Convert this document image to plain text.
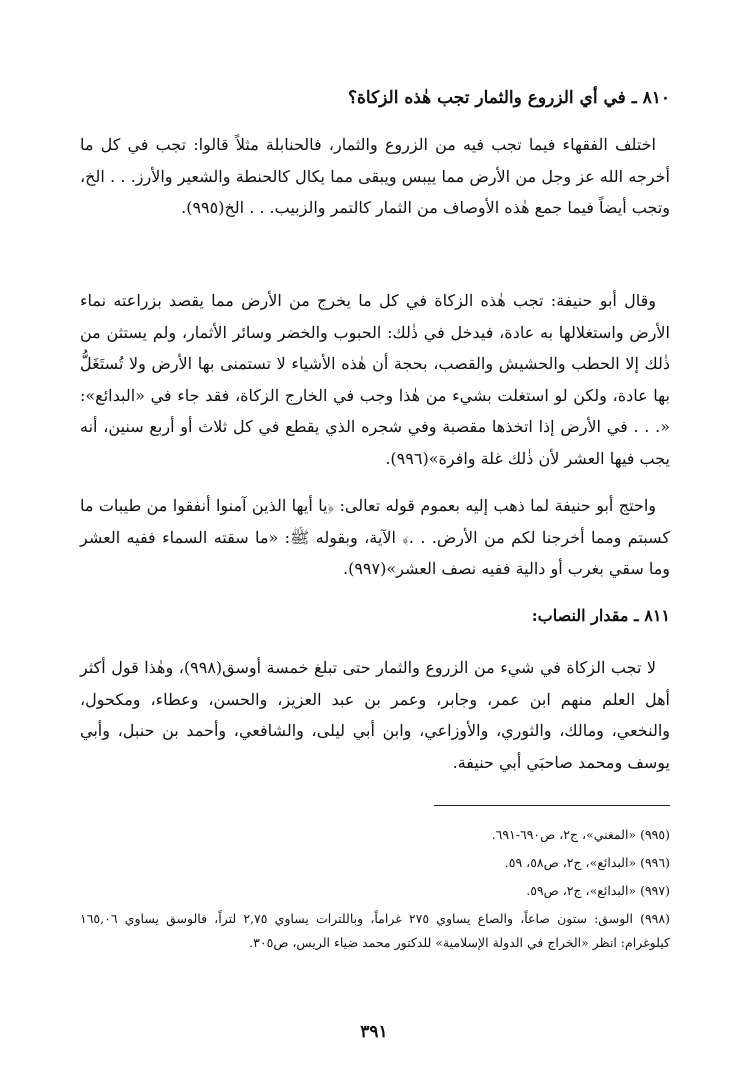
٨١٠ ـ في أي الزروع والثمار تجب هٰذه الزكاة؟

اختلف الفقهاء فيما تجب فيه من الزروع والثمار، فالحنابلة مثلاً قالوا: تجب في كل ما أخرجه الله عز وجل من الأرض مما ييبس ويبقى مما يكال كالحنطة والشعير والأرز. . . الخ، وتجب أيضاً فيما جمع هٰذه الأوصاف من الثمار كالتمر والزبيب. . . الخ(٩٩٥).

وقال أبو حنيفة: تجب هٰذه الزكاة في كل ما يخرج من الأرض مما يقصد بزراعته نماء الأرض واستغلالها به عادة، فيدخل في ذٰلك: الحبوب والخضر وسائر الأثمار، ولم يستثن من ذٰلك إلا الحطب والحشيش والقصب، بحجة أن هٰذه الأشياء لا تستمنى بها الأرض ولا تُستَغَلُّ بها عادة، ولكن لو استغلت بشيء من هٰذا وجب في الخارج الزكاة، فقد جاء في «البدائع»: «. . . في الأرض إذا اتخذها مقصبة وفي شجره الذي يقطع في كل ثلاث أو أربع سنين، أنه يجب فيها العشر لأن ذٰلك غلة وافرة»(٩٩٦).

واحتج أبو حنيفة لما ذهب إليه بعموم قوله تعالى: ﴿يا أيها الذين آمنوا أنفقوا من طيبات ما كسبتم ومما أخرجنا لكم من الأرض. . .﴾ الآية، وبقوله ﷺ: «ما سقته السماء ففيه العشر وما سقي بغرب أو دالية ففيه نصف العشر»(٩٩٧).

٨١١ ـ مقدار النصاب:

لا تجب الزكاة في شيء من الزروع والثمار حتى تبلغ خمسة أوسق(٩٩٨)، وهٰذا قول أكثر أهل العلم منهم ابن عمر، وجابر، وعمر بن عبد العزيز، والحسن، وعطاء، ومكحول، والنخعي، ومالك، والثوري، والأوزاعي، وابن أبي ليلى، والشافعي، وأحمد بن حنبل، وأبي يوسف ومحمد صاحبَي أبي حنيفة.

(٩٩٥) «المغني»، ج٢، ص٦٩٠-٦٩١.

(٩٩٦) «البدائع»، ج٢، ص٥٨، ٥٩.

(٩٩٧) «البدائع»، ج٢، ص٥٩.

(٩٩٨) الوسق: ستون صاعاً، والصاع يساوي ٢٧٥ غراماً، وباللترات يساوي ٢,٧٥ لتراً، فالوسق يساوي ١٦٥,٠٦ كيلوغرام: انظر «الخراج في الدولة الإسلامية» للدكتور محمد ضياء الريس، ص٣٠٥.

٣٩١
